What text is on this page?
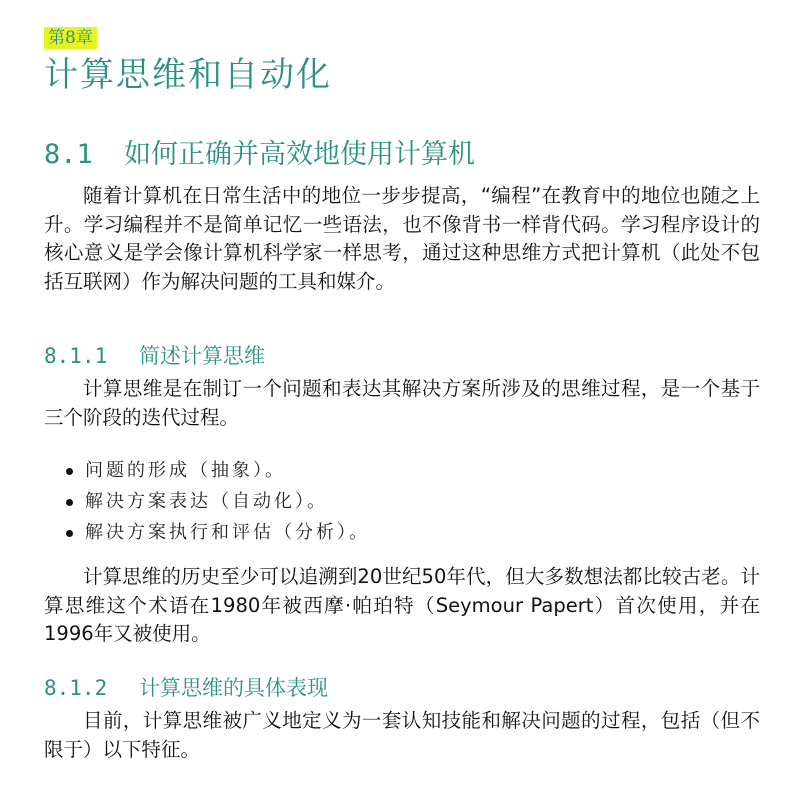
第8章
计算思维和自动化
8.1 如何正确并高效地使用计算机

随着计算机在日常生活中的地位一步步提高，“编程”在教育中的地位也随之上升。学习编程并不是简单记忆一些语法，也不像背书一样背代码。学习程序设计的核心意义是学会像计算机科学家一样思考，通过这种思维方式把计算机（此处不包括互联网）作为解决问题的工具和媒介。

8.1.1 简述计算思维

计算思维是在制订一个问题和表达其解决方案所涉及的思维过程，是一个基于三个阶段的迭代过程。

问题的形成（抽象）。
解决方案表达（自动化）。
解决方案执行和评估（分析）。

计算思维的历史至少可以追溯到20世纪50年代，但大多数想法都比较古老。计算思维这个术语在1980年被西摩·帕珀特（Seymour Papert）首次使用，并在1996年又被使用。

8.1.2 计算思维的具体表现

目前，计算思维被广义地定义为一套认知技能和解决问题的过程，包括（但不限于）以下特征。
